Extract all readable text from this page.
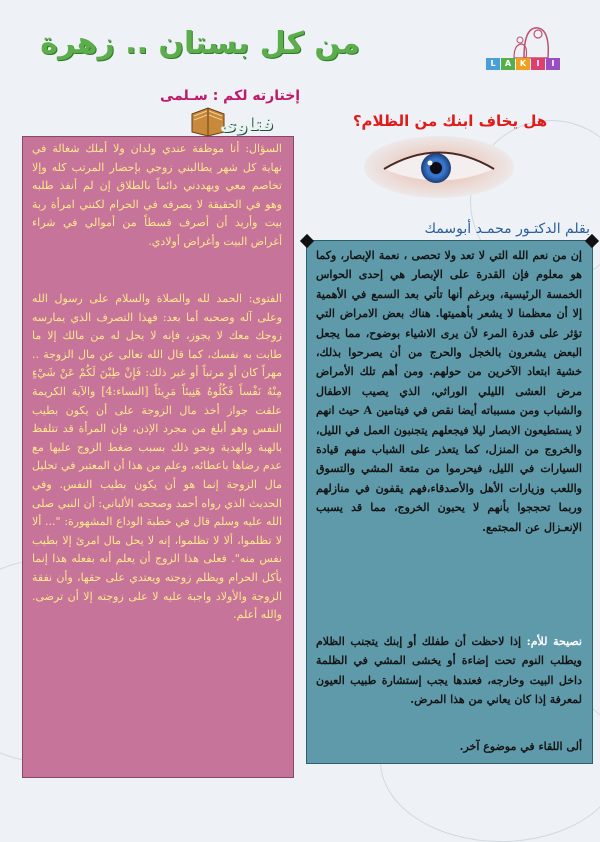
L	A	K	I	I
من كل بستان .. زهرة
إختارته لكم : سـلمى
هل يخاف ابنك من الظلام؟
بقلم الدكتـور محمـد أبوسمك
فتاوى
السؤال: أنا موظفة عندي ولدان ولا أملك شغالة في نهاية كل شهر يطالبني زوجي بإحضار المرتب كله وإلا تخاصم معي ويهددني دائماً بالطلاق إن لم أنفذ طلبه وهو في الحقيقة لا يصرفه في الحرام لكنني امرأة ربة بيت وأريد أن أصرف قسطاً من أموالي في شراء أغراض البيت وأغراض أولادي.
الفتوى: الحمد لله والصلاة والسلام على رسول الله وعلى آله وصحبه أما بعد: فهذا التصرف الذي يمارسه زوجك معك لا يجوز، فإنه لا يحل له من مالك إلا ما طابت به نفسك، كما قال الله تعالى عن مال الزوجة .. مهراً كان أو مرتباً أو غير ذلك: فَإِنْ طِبْنَ لَكُمْ عَنْ شَيْءٍ مِنْهُ نَفْساً فَكُلُوهُ هَنِيئاً مَرِيئاً [النساء:4] والآية الكريمة علقت جواز أخذ مال الزوجة على أن يكون بطيب النفس وهو أبلغ من مجرد الإذن، فإن المرأة قد تتلفظ بالهبة والهدية ونحو ذلك بسبب ضغط الزوج عليها مع عدم رضاها باعطائه، وعلم من هذا أن المعتبر في تحليل مال الزوجة إنما هو أن يكون بطيب النفس. وفي الحديث الذي رواه أحمد وصححه الألباني: أن النبي صلى الله عليه وسلم قال في خطبة الوداع المشهورة: "... ألا لا تظلموا، ألا لا تظلموا، إنه لا يحل مال امرئ إلا بطيب نفس منه". فعلى هذا الزوج أن يعلم أنه بفعله هذا إنما يأكل الحرام ويظلم زوجته ويعتدي على حقها، وأن نفقة الزوجة والأولاد واجبة عليه لا على زوجته إلا أن ترضى. والله أعلم.
إن من نعم الله التي لا تعد ولا تحصى ، نعمة الإبصار، وكما هو معلوم فإن القدرة على الإبصار هي إحدى الحواس الخمسة الرئيسية، وبرغم أنها تأتي بعد السمع في الأهمية إلا أن معظمنا لا يشعر بأهميتها. هناك بعض الامراض التي تؤثر على قدرة المرء لأن يرى الاشياء بوضوح، مما يجعل البعض يشعرون بالخجل والحرج من أن يصرحوا بذلك، خشية ابتعاد الآخرين من حولهم. ومن أهم تلك الأمراض مرض العشى الليلي الوراثي، الذي يصيب الاطفال والشباب ومن مسبباته أيضا نقص في فيتامين A حيث انهم لا يستطيعون الابصار ليلا فيجعلهم يتجنبون العمل في الليل، والخروج من المنزل، كما يتعذر على الشباب منهم قيادة السيارات في الليل، فيحرموا من متعة المشي والتسوق واللعب وزيارات الأهل والأصدقاء،فهم يقفون في منازلهم وربما تحججوا بأنهم لا يحبون الخروج، مما قد يسبب الإنعـزال عن المجتمع.
نصيحة للأم: إذا لاحظت أن طفلك أو إبنك يتجنب الظلام ويطلب النوم تحت إضاءة أو يخشى المشي في الظلمة داخل البيت وخارجه، فعندها يجب إستشارة طبيب العيون لمعرفة إذا كان يعاني من هذا المرض.
ألى اللقاء في موضوع آخر.
